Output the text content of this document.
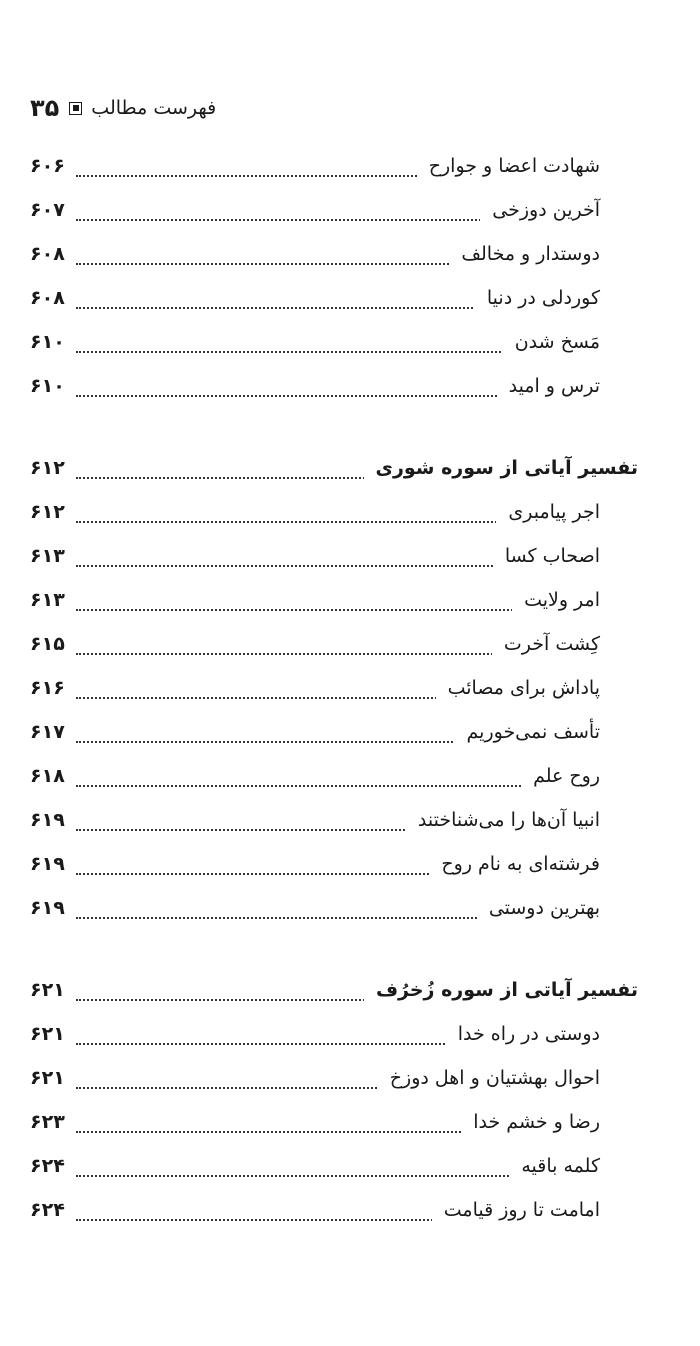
۳۵ فهرست مطالب
شهادت اعضا و جوارح
۶۰۶
آخرین دوزخی
۶۰۷
دوستدار و مخالف
۶۰۸
کوردلی در دنیا
۶۰۸
مَسخ شدن
۶۱۰
ترس و امید
۶۱۰
تفسیر آیاتی از سوره شوری
۶۱۲
اجر پیامبری
۶۱۲
اصحاب کسا
۶۱۳
امر ولایت
۶۱۳
کِشت آخرت
۶۱۵
پاداش برای مصائب
۶۱۶
تأسف نمی‌خوریم
۶۱۷
روح علم
۶۱۸
انبیا آن‌ها را می‌شناختند
۶۱۹
فرشته‌ای به نام روح
۶۱۹
بهترین دوستی
۶۱۹
تفسیر آیاتی از سوره زُخرُف
۶۲۱
دوستی در راه خدا
۶۲۱
احوال بهشتیان و اهل دوزخ
۶۲۱
رضا و خشم خدا
۶۲۳
کلمه باقیه
۶۲۴
امامت تا روز قیامت
۶۲۴
